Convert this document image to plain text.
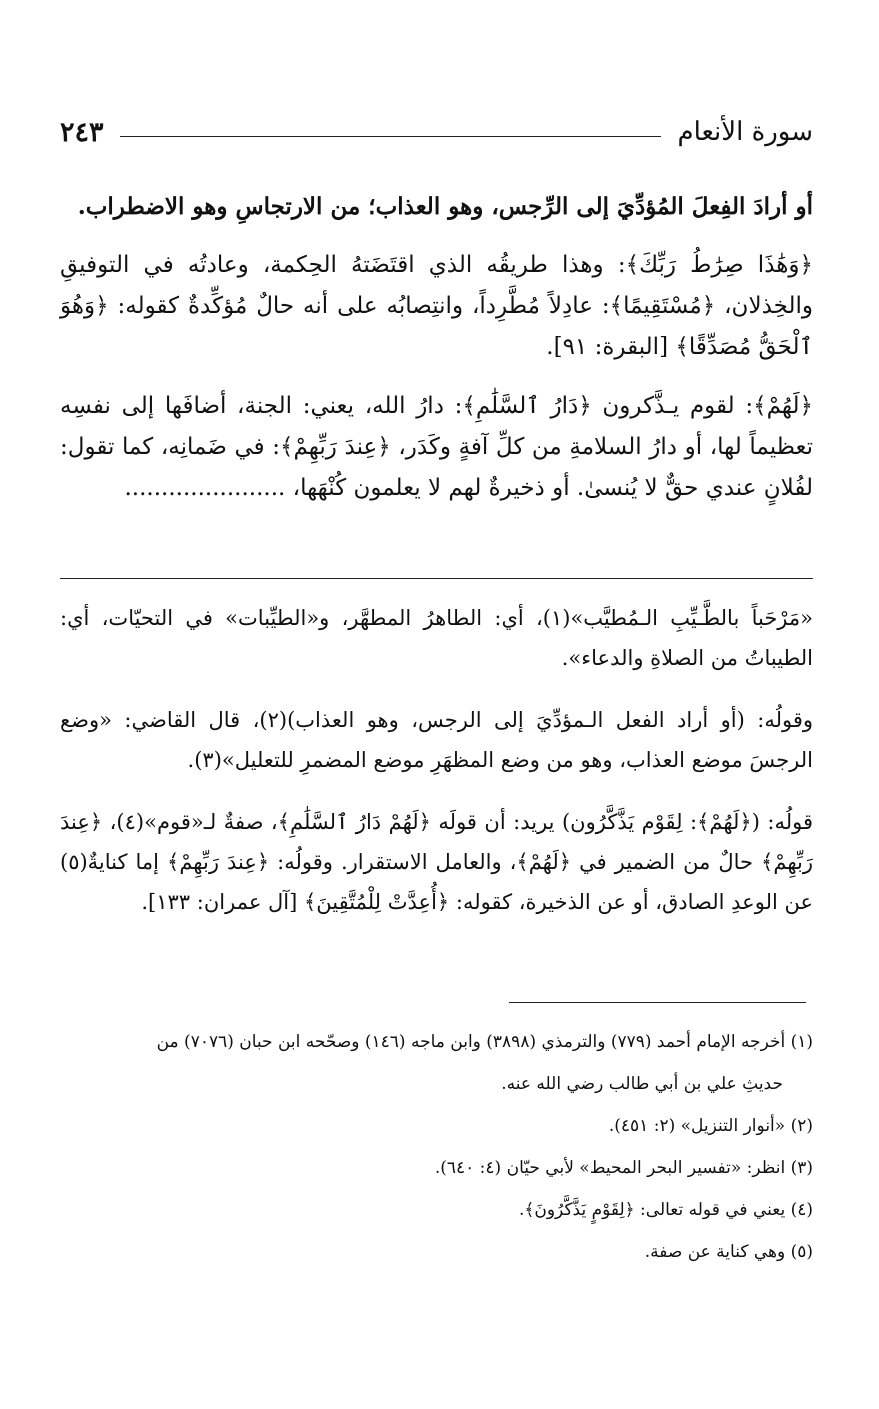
سورة الأنعام
٢٤٣

أو أرادَ الفِعلَ المُؤدِّيَ إلى الرِّجس، وهو العذاب؛ من الارتجاسِ وهو الاضطراب.

﴿وَهَٰذَا صِرَٰطُ رَبِّكَ﴾: وهذا طريقُه الذي اقتَضَتهُ الحِكمة، وعادتُه في التوفيقِ والخِذلان، ﴿مُسْتَقِيمًا﴾: عادِلاً مُطَّرِداً، وانتِصابُه على أنه حالٌ مُؤكِّدةٌ كقوله: ﴿وَهُوَ ٱلْحَقُّ مُصَدِّقًا﴾ [البقرة: ٩١].

﴿لَهُمْ﴾: لقوم يـذَّكرون ﴿دَارُ ٱلسَّلَٰمِ﴾: دارُ الله، يعني: الجنة، أضافَها إلى نفسِه تعظيماً لها، أو دارُ السلامةِ من كلِّ آفةٍ وكَدَر، ﴿عِندَ رَبِّهِمْ﴾: في ضَمانِه، كما تقول: لفُلانٍ عندي حقٌّ لا يُنسىٰ. أو ذخيرةٌ لهم لا يعلمون كُنْهَها، ......................

«مَرْحَباً بالطَّـيِّبِ الـمُطيَّب»(١)، أي: الطاهرُ المطهَّر، و«الطيِّبات» في التحيّات، أي: الطيباتُ من الصلاةِ والدعاء».

وقولُه: (أو أراد الفعل الـمؤدِّيَ إلى الرجس، وهو العذاب)(٢)، قال القاضي: «وضع الرجسَ موضع العذاب، وهو من وضع المظهَرِ موضع المضمرِ للتعليل»(٣).

قولُه: (﴿لَهُمْ﴾: لِقَوْم يَذَّكَّرُون) يريد: أن قولَه ﴿لَهُمْ دَارُ ٱلسَّلَٰمِ﴾، صفةٌ لـ«قوم»(٤)، ﴿عِندَ رَبِّهِمْ﴾ حالٌ من الضمير في ﴿لَهُمْ﴾، والعامل الاستقرار. وقولُه: ﴿عِندَ رَبِّهِمْ﴾ إما كنايةٌ(٥) عن الوعدِ الصادق، أو عن الذخيرة، كقوله: ﴿أُعِدَّتْ لِلْمُتَّقِينَ﴾ [آل عمران: ١٣٣].

(١) أخرجه الإمام أحمد (٧٧٩) والترمذي (٣٨٩٨) وابن ماجه (١٤٦) وصحّحه ابن حبان (٧٠٧٦) من
حديثِ علي بن أبي طالب رضي الله عنه.
(٢) «أنوار التنزيل» (٢: ٤٥١).
(٣) انظر: «تفسير البحر المحيط» لأبي حيّان (٤: ٦٤٠).
(٤) يعني في قوله تعالى: ﴿لِقَوْمٍ يَذَّكَّرُونَ﴾.
(٥) وهي كناية عن صفة.
